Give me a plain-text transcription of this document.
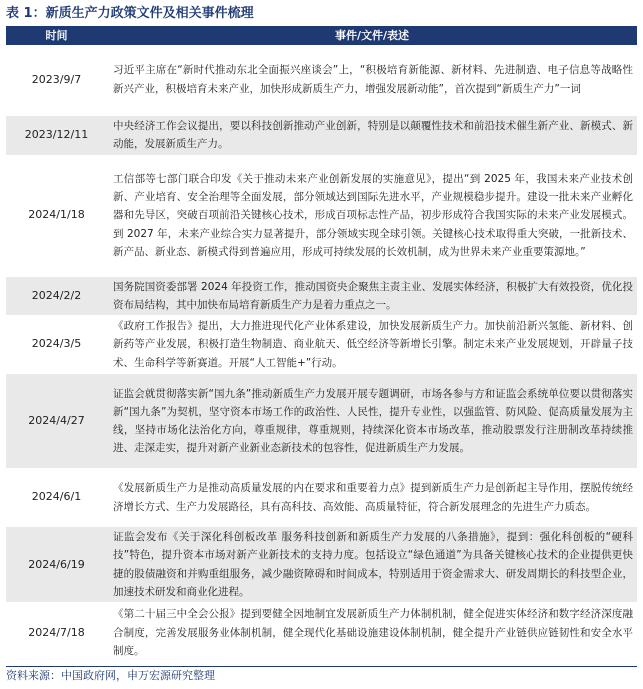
表 1：新质生产力政策文件及相关事件梳理
时间	事件/文件/表述
2023/9/7	习近平主席在“新时代推动东北全面振兴座谈会”上，“积极培育新能源、新材料、先进制造、电子信息等战略性新兴产业，积极培育未来产业，加快形成新质生产力，增强发展新动能”，首次提到“新质生产力”一词
2023/12/11	中央经济工作会议提出，要以科技创新推动产业创新，特别是以颠覆性技术和前沿技术催生新产业、新模式、新动能，发展新质生产力。
2024/1/18	工信部等七部门联合印发《关于推动未来产业创新发展的实施意见》，提出“到 2025 年，我国未来产业技术创新、产业培育、安全治理等全面发展，部分领域达到国际先进水平，产业规模稳步提升。建设一批未来产业孵化器和先导区，突破百项前沿关键核心技术，形成百项标志性产品，初步形成符合我国实际的未来产业发展模式。到 2027 年，未来产业综合实力显著提升，部分领域实现全球引领。关键核心技术取得重大突破，一批新技术、新产品、新业态、新模式得到普遍应用，形成可持续发展的长效机制，成为世界未来产业重要策源地。”
2024/2/2	国务院国资委部署 2024 年投资工作，推动国资央企聚焦主责主业、发展实体经济，积极扩大有效投资，优化投资布局结构，其中加快布局培育新质生产力是着力重点之一。
2024/3/5	《政府工作报告》提出，大力推进现代化产业体系建设，加快发展新质生产力。加快前沿新兴氢能、新材料、创新药等产业发展，积极打造生物制造、商业航天、低空经济等新增长引擎。制定未来产业发展规划，开辟量子技术、生命科学等新赛道。开展“人工智能+”行动。
2024/4/27	证监会就贯彻落实新“国九条”推动新质生产力发展开展专题调研，市场各参与方和证监会系统单位要以贯彻落实新“国九条”为契机，坚守资本市场工作的政治性、人民性，提升专业性，以强监管、防风险、促高质量发展为主线，坚持市场化法治化方向，尊重规律，尊重规则，持续深化资本市场改革，推动股票发行注册制改革持续推进、走深走实，提升对新产业新业态新技术的包容性，促进新质生产力发展。
2024/6/1	《发展新质生产力是推动高质量发展的内在要求和重要着力点》提到新质生产力是创新起主导作用，摆脱传统经济增长方式、生产力发展路径，具有高科技、高效能、高质量特征，符合新发展理念的先进生产力质态。
2024/6/19	证监会发布《关于深化科创板改革 服务科技创新和新质生产力发展的八条措施》，提到：强化科创板的“硬科技”特色，提升资本市场对新产业新技术的支持力度。包括设立“绿色通道”为具备关键核心技术的企业提供更快捷的股债融资和并购重组服务，减少融资障碍和时间成本，特别适用于资金需求大、研发周期长的科技型企业，加速技术研发和商业化进程。
2024/7/18	《第二十届三中全会公报》提到要健全因地制宜发展新质生产力体制机制，健全促进实体经济和数字经济深度融合制度，完善发展服务业体制机制，健全现代化基础设施建设体制机制，健全提升产业链供应链韧性和安全水平制度。
资料来源：中国政府网，申万宏源研究整理
